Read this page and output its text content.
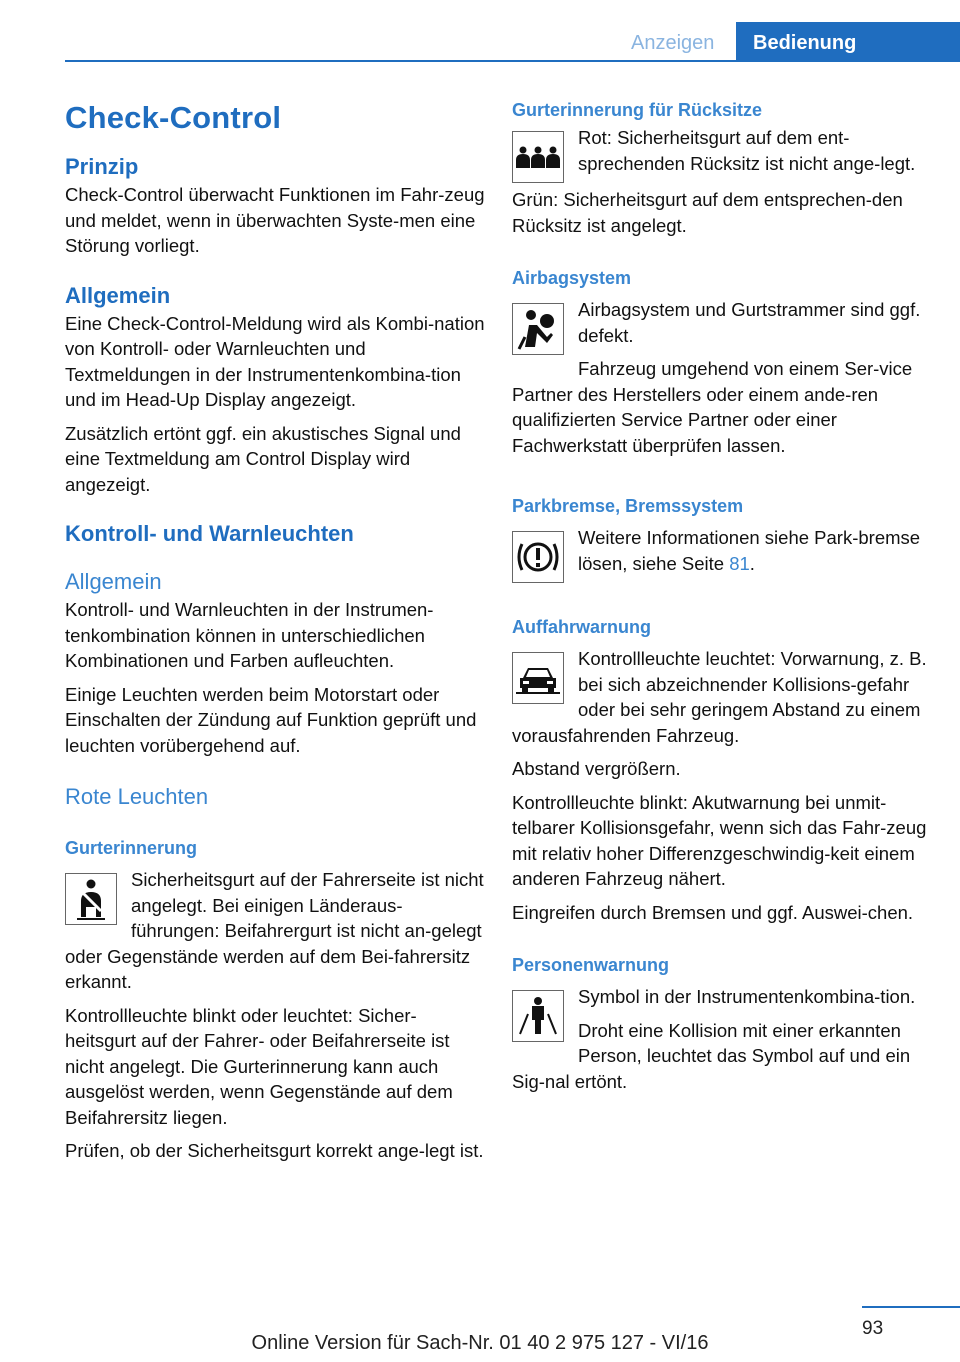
Anzeigen Bedienung
Check-Control
Prinzip

Check-Control überwacht Funktionen im Fahr-zeug und meldet, wenn in überwachten Syste-men eine Störung vorliegt.

Allgemein

Eine Check-Control-Meldung wird als Kombi-nation von Kontroll- oder Warnleuchten und Textmeldungen in der Instrumentenkombina-tion und im Head-Up Display angezeigt.

Zusätzlich ertönt ggf. ein akustisches Signal und eine Textmeldung am Control Display wird angezeigt.

Kontroll- und Warnleuchten
Allgemein

Kontroll- und Warnleuchten in der Instrumen-tenkombination können in unterschiedlichen Kombinationen und Farben aufleuchten.

Einige Leuchten werden beim Motorstart oder Einschalten der Zündung auf Funktion geprüft und leuchten vorübergehend auf.

Rote Leuchten
Gurterinnerung

Sicherheitsgurt auf der Fahrerseite ist nicht angelegt. Bei einigen Länderaus-führungen: Beifahrergurt ist nicht an-gelegt oder Gegenstände werden auf dem Bei-fahrersitz erkannt.

Kontrollleuchte blinkt oder leuchtet: Sicher-heitsgurt auf der Fahrer- oder Beifahrerseite ist nicht angelegt. Die Gurterinnerung kann auch ausgelöst werden, wenn Gegenstände auf dem Beifahrersitz liegen.

Prüfen, ob der Sicherheitsgurt korrekt ange-legt ist.

Gurterinnerung für Rücksitze

Rot: Sicherheitsgurt auf dem ent-sprechenden Rücksitz ist nicht ange-legt.

Grün: Sicherheitsgurt auf dem entsprechen-den Rücksitz ist angelegt.

Airbagsystem

Airbagsystem und Gurtstrammer sind ggf. defekt.

Fahrzeug umgehend von einem Ser-vice Partner des Herstellers oder einem ande-ren qualifizierten Service Partner oder einer Fachwerkstatt überprüfen lassen.

Parkbremse, Bremssystem

Weitere Informationen siehe Park-bremse lösen, siehe Seite 81.

Auffahrwarnung

Kontrollleuchte leuchtet: Vorwarnung, z. B. bei sich abzeichnender Kollisions-gefahr oder bei sehr geringem Abstand zu einem vorausfahrenden Fahrzeug.

Abstand vergrößern.

Kontrollleuchte blinkt: Akutwarnung bei unmit-telbarer Kollisionsgefahr, wenn sich das Fahr-zeug mit relativ hoher Differenzgeschwindig-keit einem anderen Fahrzeug nähert.

Eingreifen durch Bremsen und ggf. Auswei-chen.

Personenwarnung

Symbol in der Instrumentenkombina-tion.

Droht eine Kollision mit einer erkannten Person, leuchtet das Symbol auf und ein Sig-nal ertönt.

93
Online Version für Sach-Nr. 01 40 2 975 127 - VI/16
